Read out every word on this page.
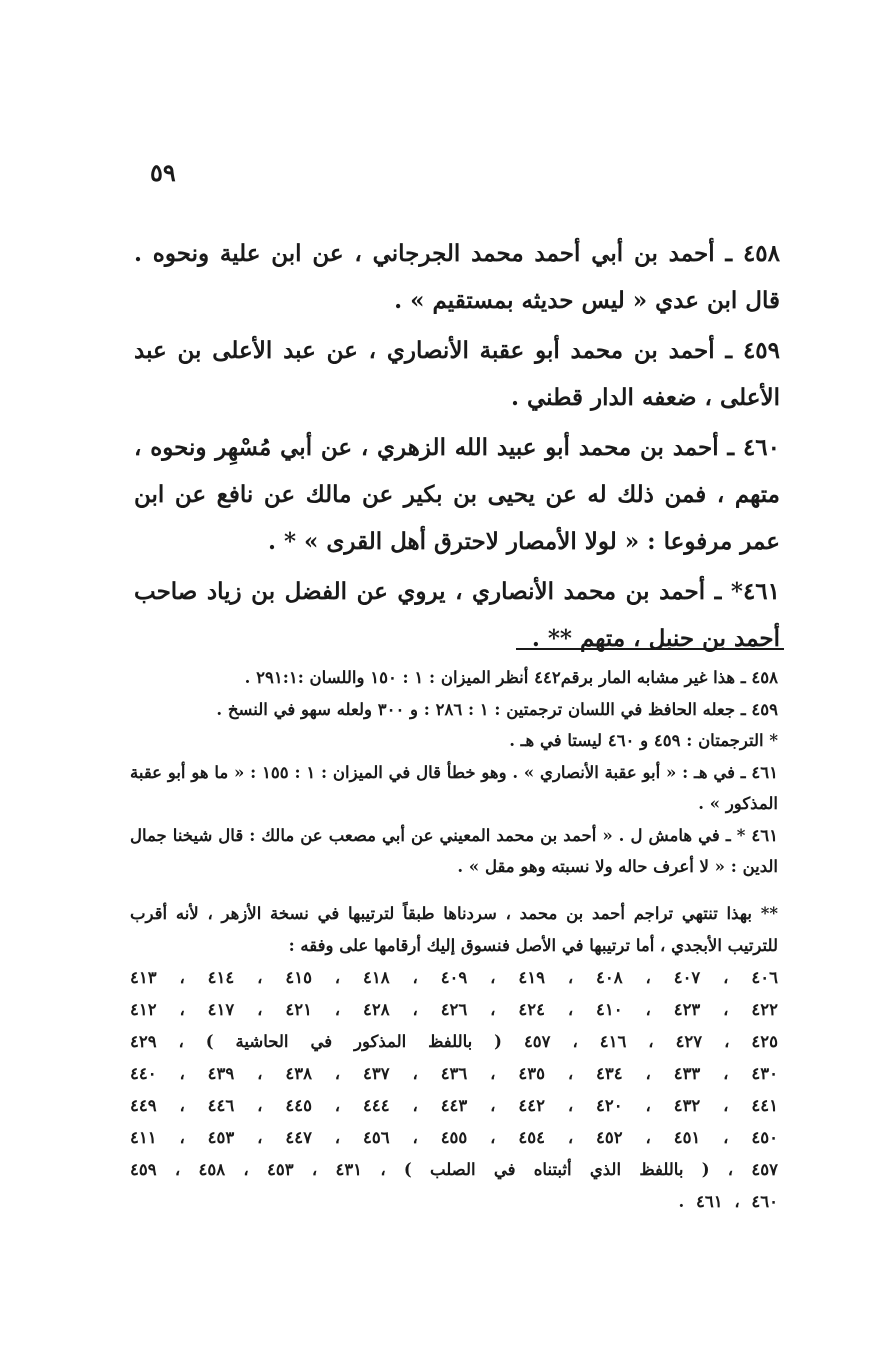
٥٩

٤٥٨ ـ أحمد بن أبي أحمد محمد الجرجاني ، عن ابن علية ونحوه . قال ابن عدي « ليس حديثه بمستقيم » .

٤٥٩ ـ أحمد بن محمد أبو عقبة الأنصاري ، عن عبد الأعلى بن عبد الأعلى ، ضعفه الدار قطني .

٤٦٠ ـ أحمد بن محمد أبو عبيد الله الزهري ، عن أبي مُسْهِر ونحوه ، متهم ، فمن ذلك له عن يحيى بن بكير عن مالك عن نافع عن ابن عمر مرفوعا : « لولا الأمصار لاحترق أهل القرى » * .

٤٦١* ـ أحمد بن محمد الأنصاري ، يروي عن الفضل بن زياد صاحب أحمد بن حنبل ، متهم ** .

٤٥٨ ـ هذا غير مشابه المار برقم٤٤٢ أنظر الميزان : ١ : ١٥٠ واللسان :٢٩١:١ .

٤٥٩ ـ جعله الحافظ في اللسان ترجمتين : ١ : ٢٨٦ : و ٣٠٠ ولعله سهو في النسخ .

* الترجمتان : ٤٥٩ و ٤٦٠ ليستا في هـ .

٤٦١ ـ في هـ : « أبو عقبة الأنصاري » . وهو خطأ قال في الميزان : ١ : ١٥٥ : « ما هو أبو عقبة المذكور » .

٤٦١ * ـ في هامش ل . « أحمد بن محمد المعيني عن أبي مصعب عن مالك : قال شيخنا جمال الدين : « لا أعرف حاله ولا نسبته وهو مقل » .

** بهذا تنتهي تراجم أحمد بن محمد ، سردناها طبقاً لترتيبها في نسخة الأزهر ، لأنه أقرب للترتيب الأبجدي ، أما ترتيبها في الأصل فنسوق إليك أرقامها على وفقه :

٤٠٦ ، ٤٠٧ ، ٤٠٨ ، ٤١٩ ، ٤٠٩ ، ٤١٨ ، ٤١٥ ، ٤١٤ ، ٤١٣
٤٢٢ ، ٤٢٣ ، ٤١٠ ، ٤٢٤ ، ٤٢٦ ، ٤٢٨ ، ٤٢١ ، ٤١٧ ، ٤١٢
٤٢٥ ، ٤٢٧ ، ٤١٦ ، ٤٥٧ ( باللفظ المذكور في الحاشية ) ، ٤٢٩
٤٣٠ ، ٤٣٣ ، ٤٣٤ ، ٤٣٥ ، ٤٣٦ ، ٤٣٧ ، ٤٣٨ ، ٤٣٩ ، ٤٤٠
٤٤١ ، ٤٣٢ ، ٤٢٠ ، ٤٤٢ ، ٤٤٣ ، ٤٤٤ ، ٤٤٥ ، ٤٤٦ ، ٤٤٩
٤٥٠ ، ٤٥١ ، ٤٥٢ ، ٤٥٤ ، ٤٥٥ ، ٤٥٦ ، ٤٤٧ ، ٤٥٣ ، ٤١١
٤٥٧ ، ( باللفظ الذي أثبتناه في الصلب ) ، ٤٣١ ، ٤٥٣ ، ٤٥٨ ، ٤٥٩
٤٦٠ ، ٤٦١ .
